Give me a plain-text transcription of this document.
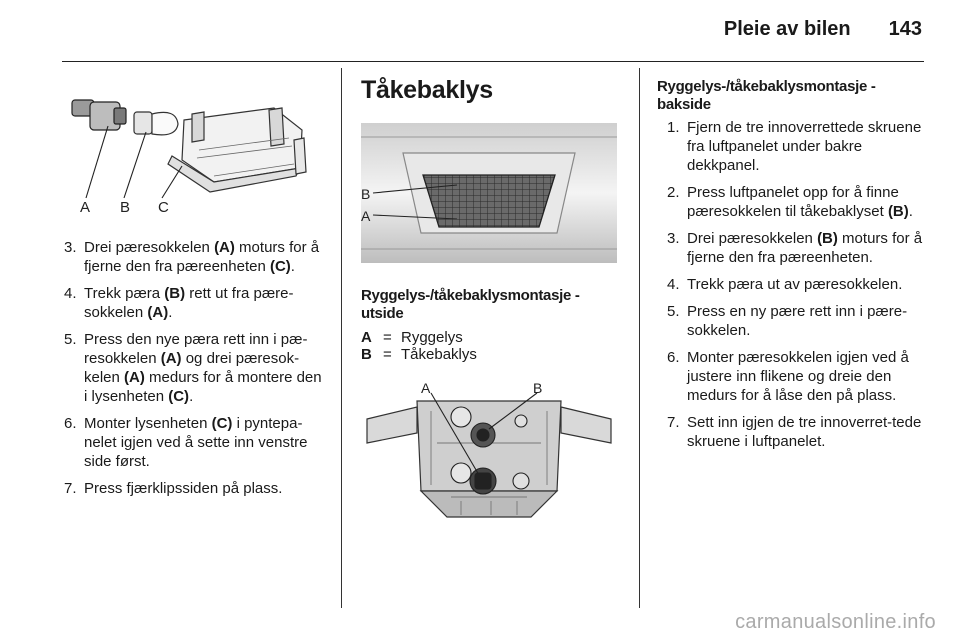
Pleie av bilen 143
A B C
3. Drei pæresokkelen (A) moturs for å fjerne den fra pæreenheten (C).
4. Trekk pæra (B) rett ut fra pære-sokkelen (A).
5. Press den nye pæra rett inn i pæ-resokkelen (A) og drei pæresok-kelen (A) medurs for å montere den i lysenheten (C).
6. Monter lysenheten (C) i pyntepa-nelet igjen ved å sette inn venstre side først.
7. Press fjærklipssiden på plass.
Tåkebaklys
B
A
Ryggelys-/tåkebaklysmontasje - utside
A = Ryggelys
B = Tåkebaklys
A	B
Ryggelys-/tåkebaklysmontasje - bakside
1. Fjern de tre innoverrettede skruene fra luftpanelet under bakre dekkpanel.
2. Press luftpanelet opp for å finne pæresokkelen til tåkebaklyset (B).
3. Drei pæresokkelen (B) moturs for å fjerne den fra pæreenheten.
4. Trekk pæra ut av pæresokkelen.
5. Press en ny pære rett inn i pære-sokkelen.
6. Monter pæresokkelen igjen ved å justere inn flikene og dreie den medurs for å låse den på plass.
7. Sett inn igjen de tre innoverret-tede skruene i luftpanelet.
carmanualsonline.info
